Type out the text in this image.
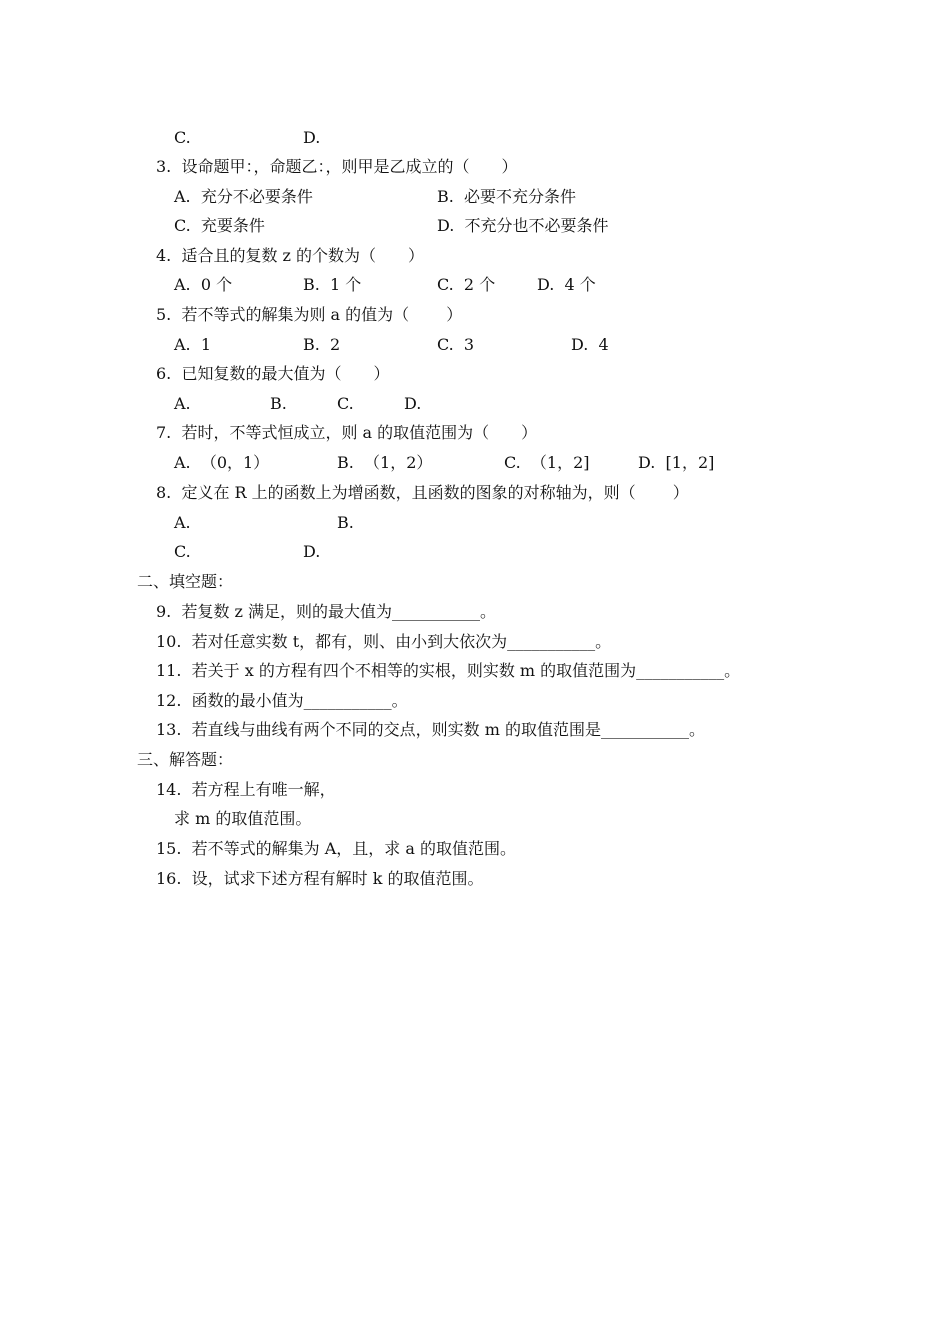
C.	D.
3.  设命题甲：，命题乙：，则甲是乙成立的（　　）
A.  充分不必要条件	B.  必要不充分条件
C.  充要条件	D.  不充分也不必要条件
4.  适合且的复数 z 的个数为（　　）
A.  0 个	B.  1 个	C.  2 个	D.  4 个
5.  若不等式的解集为则 a 的值为（　　 ）
A.  1	B.  2	C.  3	D.  4
6.  已知复数的最大值为（　　）
A.	B.	C.	D.
7.  若时，不等式恒成立，则 a 的取值范围为（　　）
A.  （0，1）	B.  （1，2）	C.  （1，2]	D.  [1，2]
8.  定义在 R 上的函数上为增函数，且函数的图象的对称轴为，则（　　 ）
A.	B.
C.	D.
二、填空题：
9.  若复数 z 满足，则的最大值为___________。
10.  若对任意实数 t，都有，则、由小到大依次为___________。
11.  若关于 x 的方程有四个不相等的实根，则实数 m 的取值范围为___________。
12.  函数的最小值为___________。
13.  若直线与曲线有两个不同的交点，则实数 m 的取值范围是___________。
三、解答题：
14.  若方程上有唯一解，
求 m 的取值范围。
15.  若不等式的解集为 A，且，求 a 的取值范围。
16.  设，试求下述方程有解时 k 的取值范围。
